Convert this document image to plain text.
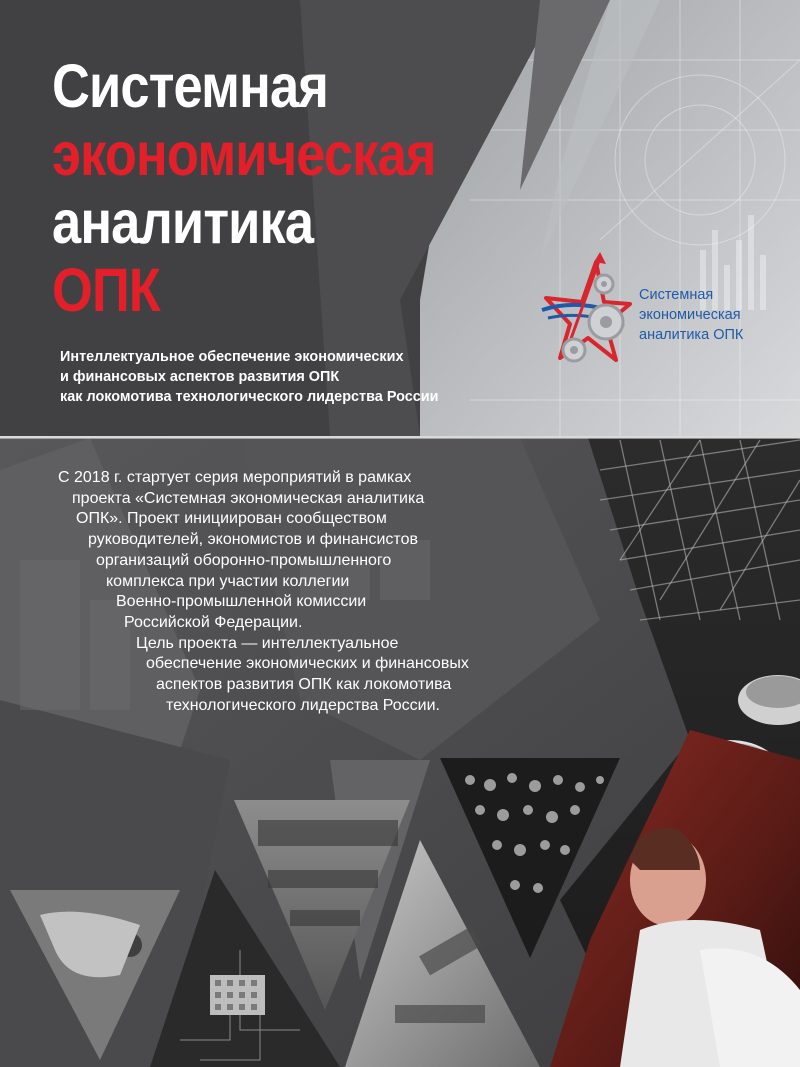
Системная
экономическая
аналитика
ОПК
Интеллектуальное обеспечение экономических
и финансовых аспектов развития ОПК
как локомотива технологического лидерства России
Системная
экономическая
аналитика ОПК
С 2018 г. стартует серия мероприятий в рамках
проекта «Системная экономическая аналитика
ОПК». Проект инициирован сообществом
руководителей, экономистов и финансистов
организаций оборонно-промышленного
комплекса при участии коллегии
Военно-промышленной комиссии
Российской Федерации.
Цель проекта — интеллектуальное
обеспечение экономических и финансовых
аспектов развития ОПК как локомотива
технологического лидерства России.
